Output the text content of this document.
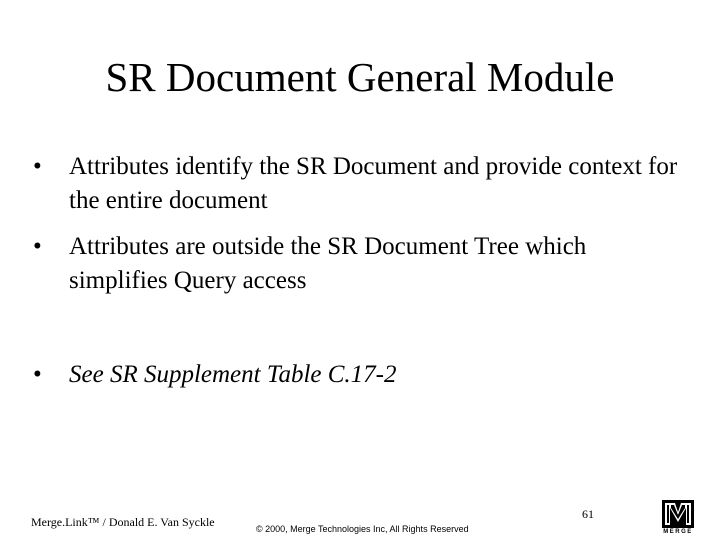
SR Document General Module
•	Attributes identify the SR Document and provide context for the entire document
•	Attributes are outside the SR Document Tree which simplifies Query access
•	See SR Supplement Table C.17-2
Merge.Link™ / Donald E. Van Syckle	© 2000, Merge Technologies Inc, All Rights Reserved
61
MERGE
